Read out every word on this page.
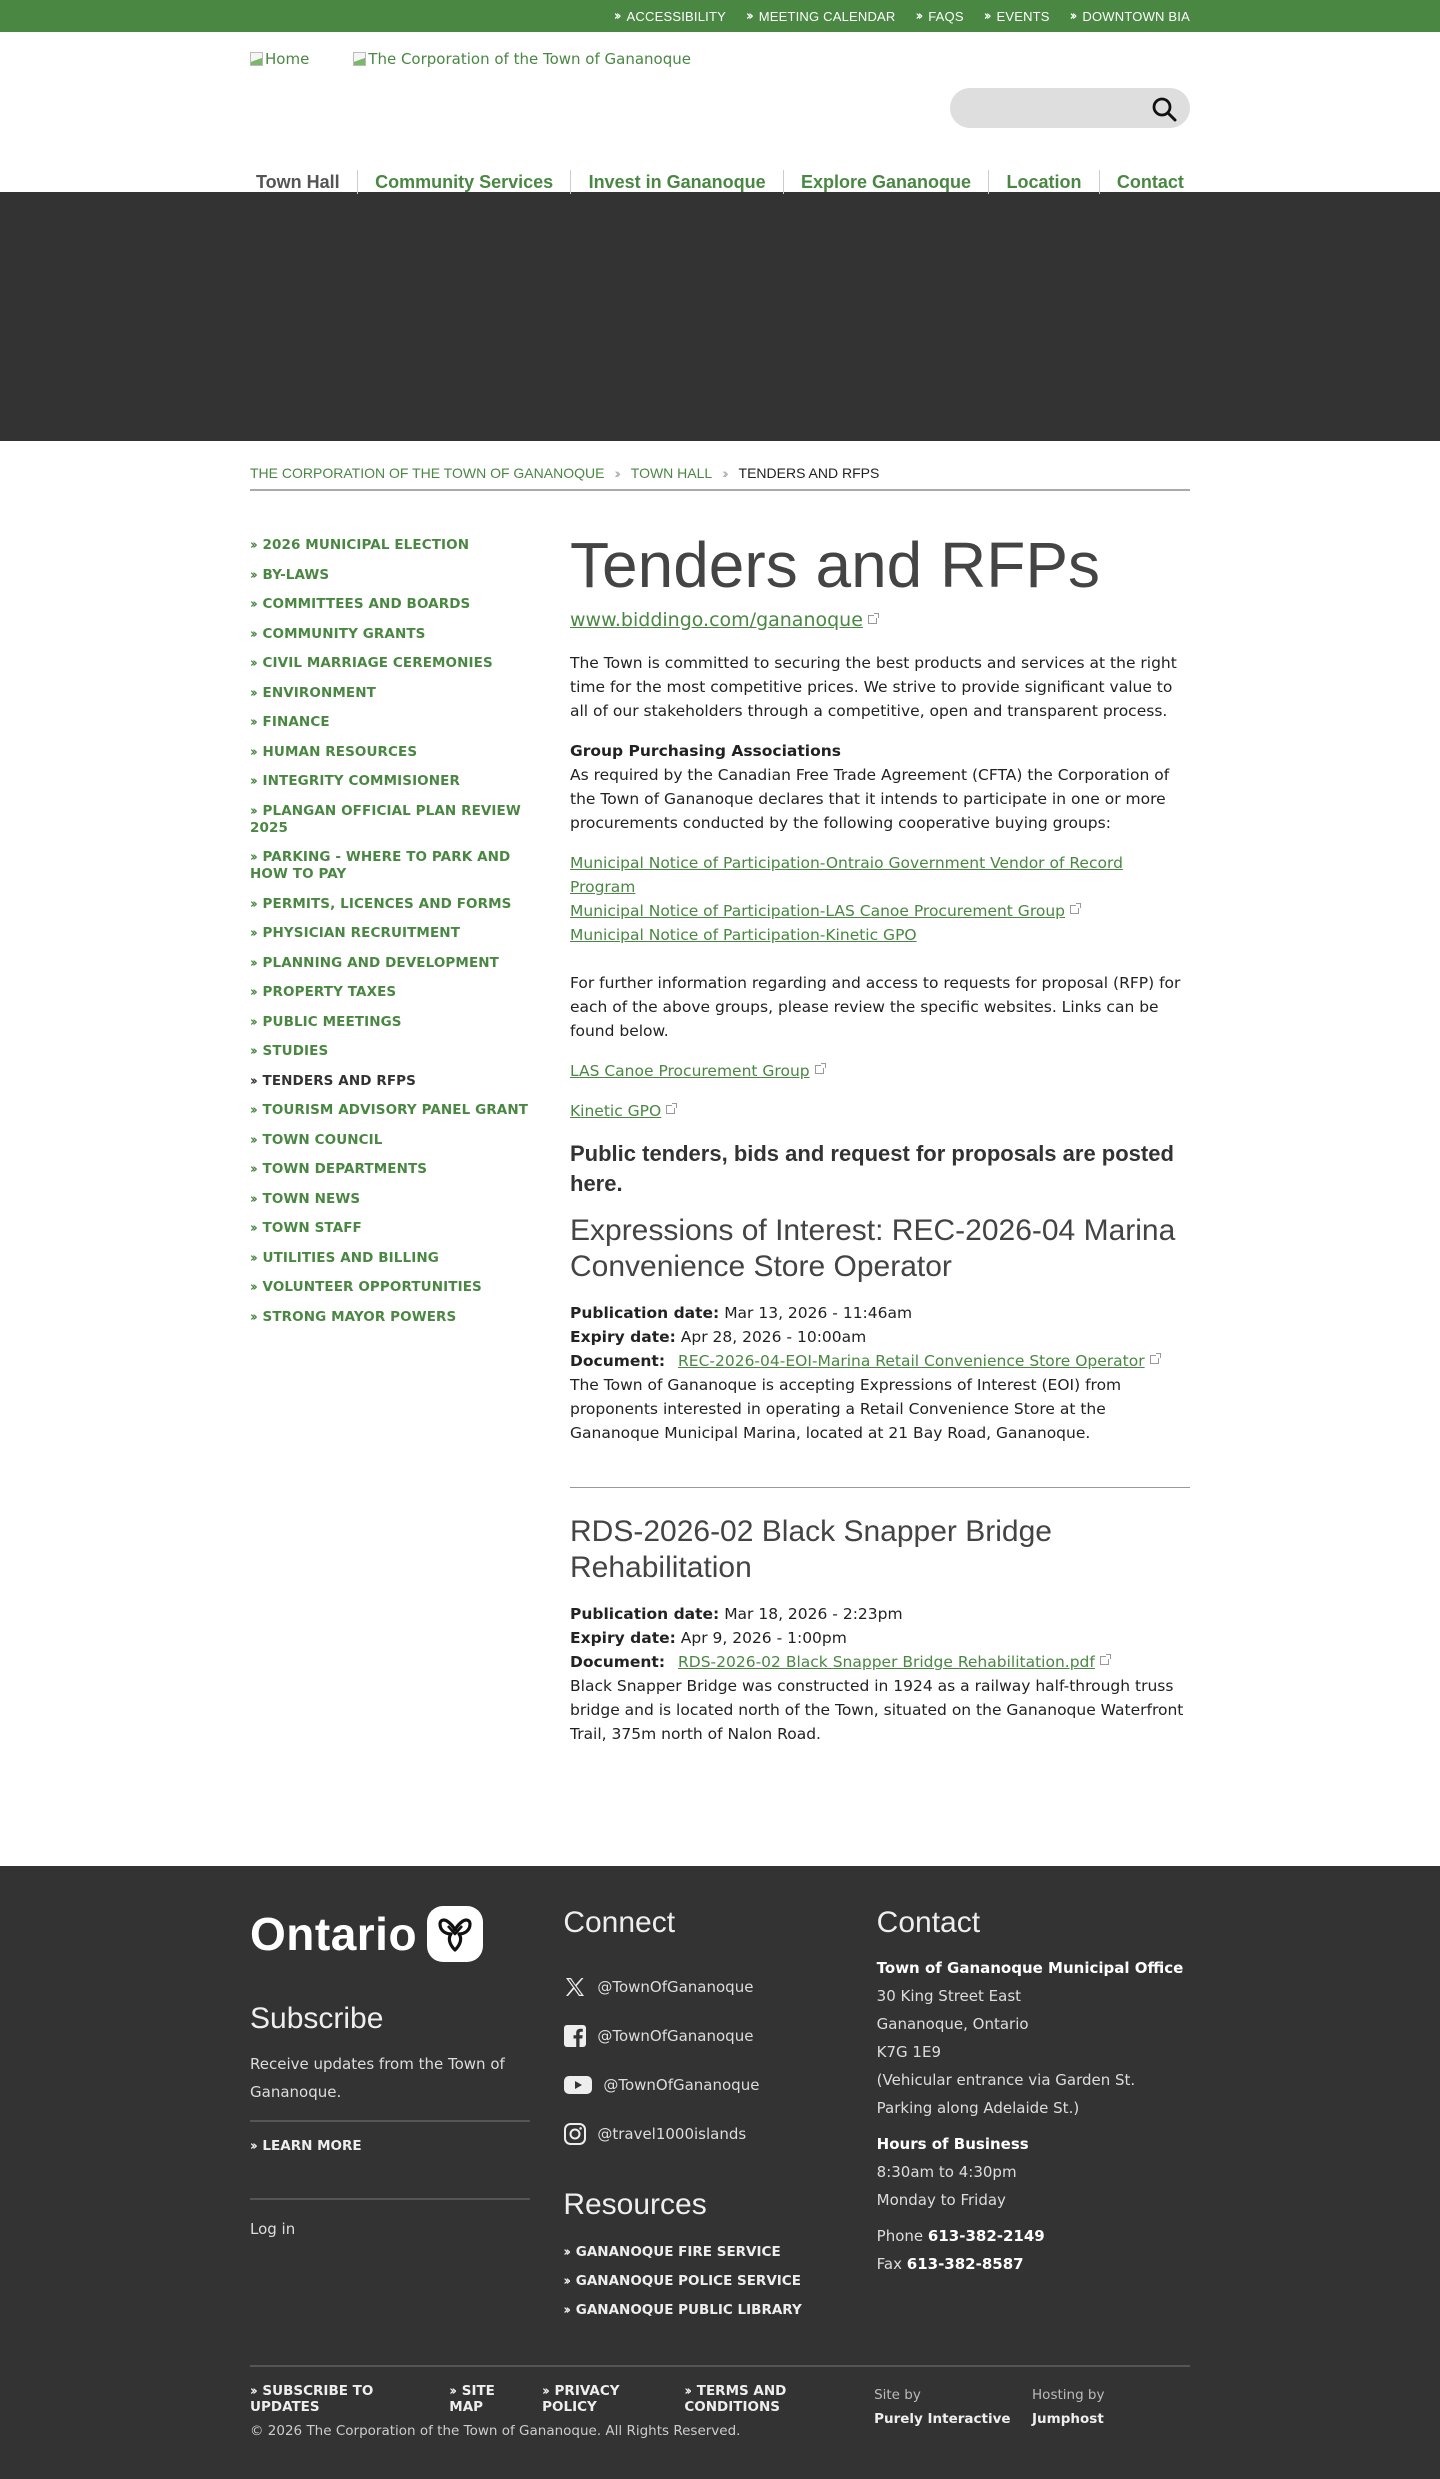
›› ACCESSIBILITY ›› MEETING CALENDAR ›› FAQS ›› EVENTS ›› DOWNTOWN BIA
Home	The Corporation of the Town of Gananoque
Town Hall	Community Services	Invest in Gananoque	Explore Gananoque	Location	Contact
THE CORPORATION OF THE TOWN OF GANANOQUE ›› TOWN HALL ›› TENDERS AND RFPS
›› 2026 MUNICIPAL ELECTION
›› BY-LAWS
›› COMMITTEES AND BOARDS
›› COMMUNITY GRANTS
›› CIVIL MARRIAGE CEREMONIES
›› ENVIRONMENT
›› FINANCE
›› HUMAN RESOURCES
›› INTEGRITY COMMISIONER
›› PLANGAN OFFICIAL PLAN REVIEW 2025
›› PARKING - WHERE TO PARK AND HOW TO PAY
›› PERMITS, LICENCES AND FORMS
›› PHYSICIAN RECRUITMENT
›› PLANNING AND DEVELOPMENT
›› PROPERTY TAXES
›› PUBLIC MEETINGS
›› STUDIES
›› TENDERS AND RFPS
›› TOURISM ADVISORY PANEL GRANT
›› TOWN COUNCIL
›› TOWN DEPARTMENTS
›› TOWN NEWS
›› TOWN STAFF
›› UTILITIES AND BILLING
›› VOLUNTEER OPPORTUNITIES
›› STRONG MAYOR POWERS
Tenders and RFPs
www.biddingo.com/gananoque

The Town is committed to securing the best products and services at the right time for the most competitive prices. We strive to provide significant value to all of our stakeholders through a competitive, open and transparent process.

Group Purchasing Associations

As required by the Canadian Free Trade Agreement (CFTA) the Corporation of the Town of Gananoque declares that it intends to participate in one or more procurements conducted by the following cooperative buying groups:

Municipal Notice of Participation-Ontraio Government Vendor of Record Program
Municipal Notice of Participation-LAS Canoe Procurement Group
Municipal Notice of Participation-Kinetic GPO

For further information regarding and access to requests for proposal (RFP) for each of the above groups, please review the specific websites. Links can be found below.

LAS Canoe Procurement Group
Kinetic GPO
Public tenders, bids and request for proposals are posted here.
Expressions of Interest: REC-2026-04 Marina Convenience Store Operator
Publication date: Mar 13, 2026 - 11:46am
Expiry date: Apr 28, 2026 - 10:00am
Document: REC-2026-04-EOI-Marina Retail Convenience Store Operator
The Town of Gananoque is accepting Expressions of Interest (EOI) from proponents interested in operating a Retail Convenience Store at the Gananoque Municipal Marina, located at 21 Bay Road, Gananoque.
RDS-2026-02 Black Snapper Bridge Rehabilitation
Publication date: Mar 18, 2026 - 2:23pm
Expiry date: Apr 9, 2026 - 1:00pm
Document: RDS-2026-02 Black Snapper Bridge Rehabilitation.pdf
Black Snapper Bridge was constructed in 1924 as a railway half-through truss bridge and is located north of the Town, situated on the Gananoque Waterfront Trail, 375m north of Nalon Road.
Ontario
Subscribe

Receive updates from the Town of Gananoque.

›› LEARN MORE
Log in
Connect
@TownOfGananoque
@TownOfGananoque
@TownOfGananoque
@travel1000islands
Resources
›› GANANOQUE FIRE SERVICE
›› GANANOQUE POLICE SERVICE
›› GANANOQUE PUBLIC LIBRARY
Contact
Town of Gananoque Municipal Office
30 King Street East
Gananoque, Ontario
K7G 1E9
(Vehicular entrance via Garden St.
Parking along Adelaide St.)
Hours of Business
8:30am to 4:30pm
Monday to Friday
Phone 613-382-2149
Fax 613-382-8587
›› SUBSCRIBE TO UPDATES
›› SITE MAP
›› PRIVACY POLICY
›› TERMS AND CONDITIONS
© 2026 The Corporation of the Town of Gananoque. All Rights Reserved.
Site by
Purely Interactive
Hosting by
Jumphost
